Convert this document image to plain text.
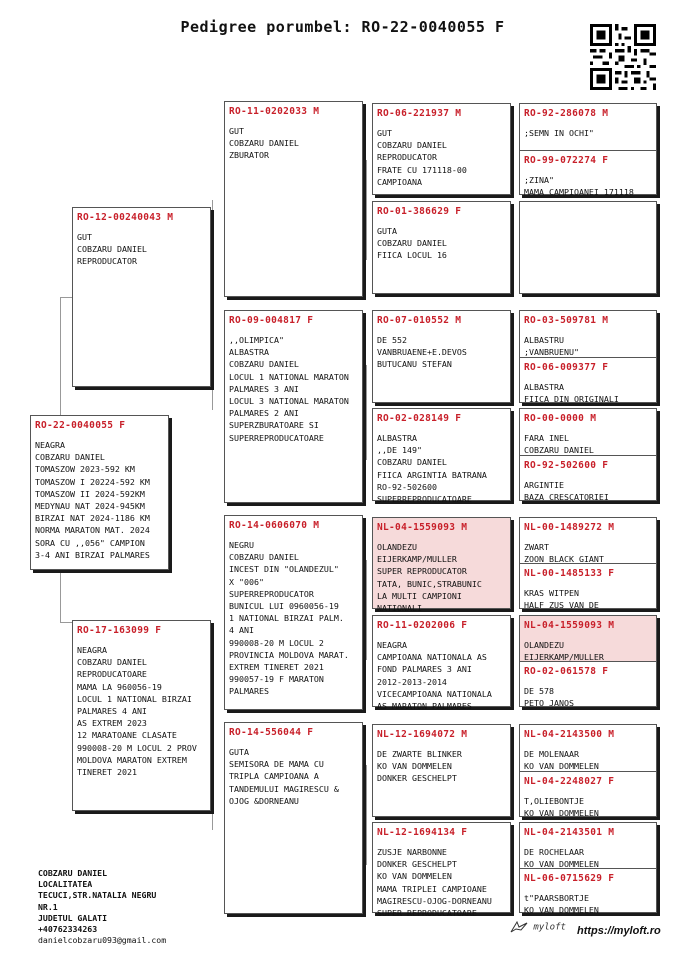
Pedigree porumbel: RO-22-0040055 F
RO-22-0040055 F
NEAGRA
COBZARU DANIEL
TOMASZOW 2023-592 KM
TOMASZOW I 20224-592 KM
TOMASZOW II 2024-592KM
MEDYNAU NAT 2024-945KM
BIRZAI NAT 2024-1186 KM
NORMA MARATON MAT. 2024
SORA CU ,,056" CAMPION
3-4 ANI BIRZAI PALMARES
RO-12-00240043 M
GUT
COBZARU DANIEL
REPRODUCATOR
RO-17-163099 F
NEAGRA
COBZARU DANIEL
REPRODUCATOARE
MAMA LA 960056-19
LOCUL 1 NATIONAL BIRZAI
PALMARES 4 ANI
AS EXTREM 2023
12 MARATOANE CLASATE
990008-20 M LOCUL 2 PROV
MOLDOVA MARATON EXTREM
TINERET 2021
RO-11-0202033 M
GUT
COBZARU DANIEL
ZBURATOR
RO-09-004817 F
,,OLIMPICA"
ALBASTRA
COBZARU DANIEL
LOCUL 1 NATIONAL MARATON
PALMARES 3 ANI
LOCUL 3 NATIONAL MARATON
PALMARES 2 ANI
SUPERZBURATOARE SI
SUPERREPRODUCATOARE
RO-14-0606070 M
NEGRU
COBZARU DANIEL
INCEST DIN "OLANDEZUL"
X "006"
SUPERREPRODUCATOR
BUNICUL LUI 0960056-19
1 NATIONAL BIRZAI PALM.
4 ANI
990008-20 M LOCUL 2
PROVINCIA MOLDOVA MARAT.
EXTREM TINERET 2021
990057-19 F MARATON
PALMARES
RO-14-556044 F
GUTA
SEMISORA DE MAMA CU
TRIPLA CAMPIOANA A
TANDEMULUI MAGIRESCU &
OJOG &DORNEANU
RO-06-221937 M
GUT
COBZARU DANIEL
REPRODUCATOR
FRATE CU 171118-00
CAMPIOANA
RO-01-386629 F
GUTA
COBZARU DANIEL
FIICA LOCUL 16
RO-07-010552 M
DE 552
VANBRUAENE+E.DEVOS
BUTUCANU STEFAN
RO-02-028149 F
ALBASTRA
,,DE 149"
COBZARU DANIEL
FIICA ARGINTIA BATRANA
RO-92-502600
SUPERREPRODUCATOARE
NL-04-1559093 M
OLANDEZU
EIJERKAMP/MULLER
SUPER REPRODUCATOR
TATA, BUNIC,STRABUNIC
LA MULTI CAMPIONI
NATIONALI
RO-11-0202006 F
NEAGRA
CAMPIOANA NATIONALA AS
FOND PALMARES 3 ANI
2012-2013-2014
VICECAMPIOANA NATIONALA
AS MARATON PALMARES
NL-12-1694072 M
DE ZWARTE BLINKER
KO VAN DOMMELEN
DONKER GESCHELPT
NL-12-1694134 F
ZUSJE NARBONNE
DONKER GESCHELPT
KO VAN DOMMELEN
MAMA TRIPLEI CAMPIOANE
MAGIRESCU-OJOG-DORNEANU
SUPER REPRODUCATOARE
RO-92-286078 M
;SEMN IN OCHI"
RO-99-072274 F
;ZINA"
MAMA CAMPIOANEI 171118
RO-03-509781 M
ALBASTRU
;VANBRUENU"
RO-06-009377 F
ALBASTRA
FIICA DIN ORIGINALI
RO-00-0000 M
FARA INEL
COBZARU DANIEL
RO-92-502600 F
ARGINTIE
BAZA CRESCATORIEI
NL-00-1489272 M
ZWART
ZOON BLACK GIANT
NL-00-1485133 F
KRAS WITPEN
HALF ZUS VAN DE
NL-04-1559093 M
OLANDEZU
EIJERKAMP/MULLER
RO-02-061578 F
DE 578
PETO JANOS
NL-04-2143500 M
DE MOLENAAR
KO VAN DOMMELEN
NL-04-2248027 F
T,OLIEBONTJE
KO VAN DOMMELEN
NL-04-2143501 M
DE ROCHELAAR
KO VAN DOMMELEN
NL-06-0715629 F
t"PAARSBORTJE
KO VAN DOMMELEN
COBZARU DANIEL
LOCALITATEA
TECUCI,STR.NATALIA NEGRU
NR.1
JUDETUL GALATI
+40762334263
danielcobzaru093@gmail.com
myloft https://myloft.ro
